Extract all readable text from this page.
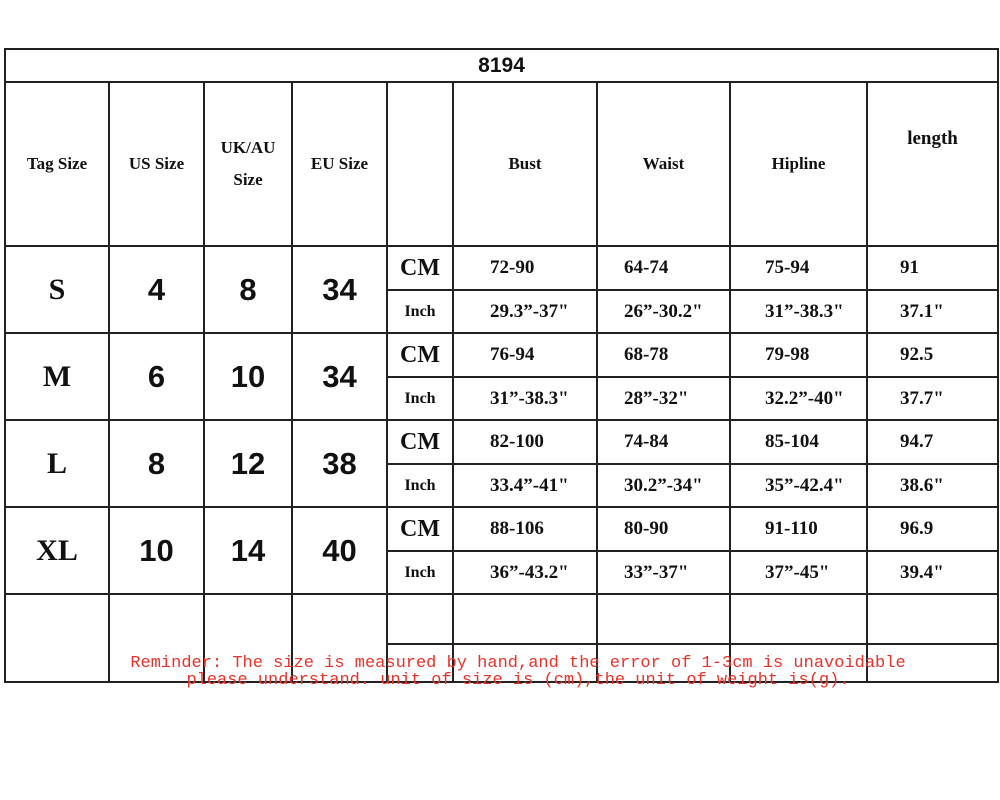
8194								
Tag Size	US Size	UK/AU Size	EU Size		Bust	Waist	Hipline	length
S	4	8	34	CM	72-90	64-74	75-94	91
				Inch	29.3”-37"	26”-30.2"	31”-38.3"	37.1"
M	6	10	34	CM	76-94	68-78	79-98	92.5
				Inch	31”-38.3"	28”-32"	32.2”-40"	37.7"
L	8	12	38	CM	82-100	74-84	85-104	94.7
				Inch	33.4”-41"	30.2”-34"	35”-42.4"	38.6"
XL	10	14	40	CM	88-106	80-90	91-110	96.9
				Inch	36”-43.2"	33”-37"	37”-45"	39.4"

Reminder: The size is measured by hand,and the error of 1-3cm is unavoidable
please understand. unit of size is (cm),the unit of weight is(g).
